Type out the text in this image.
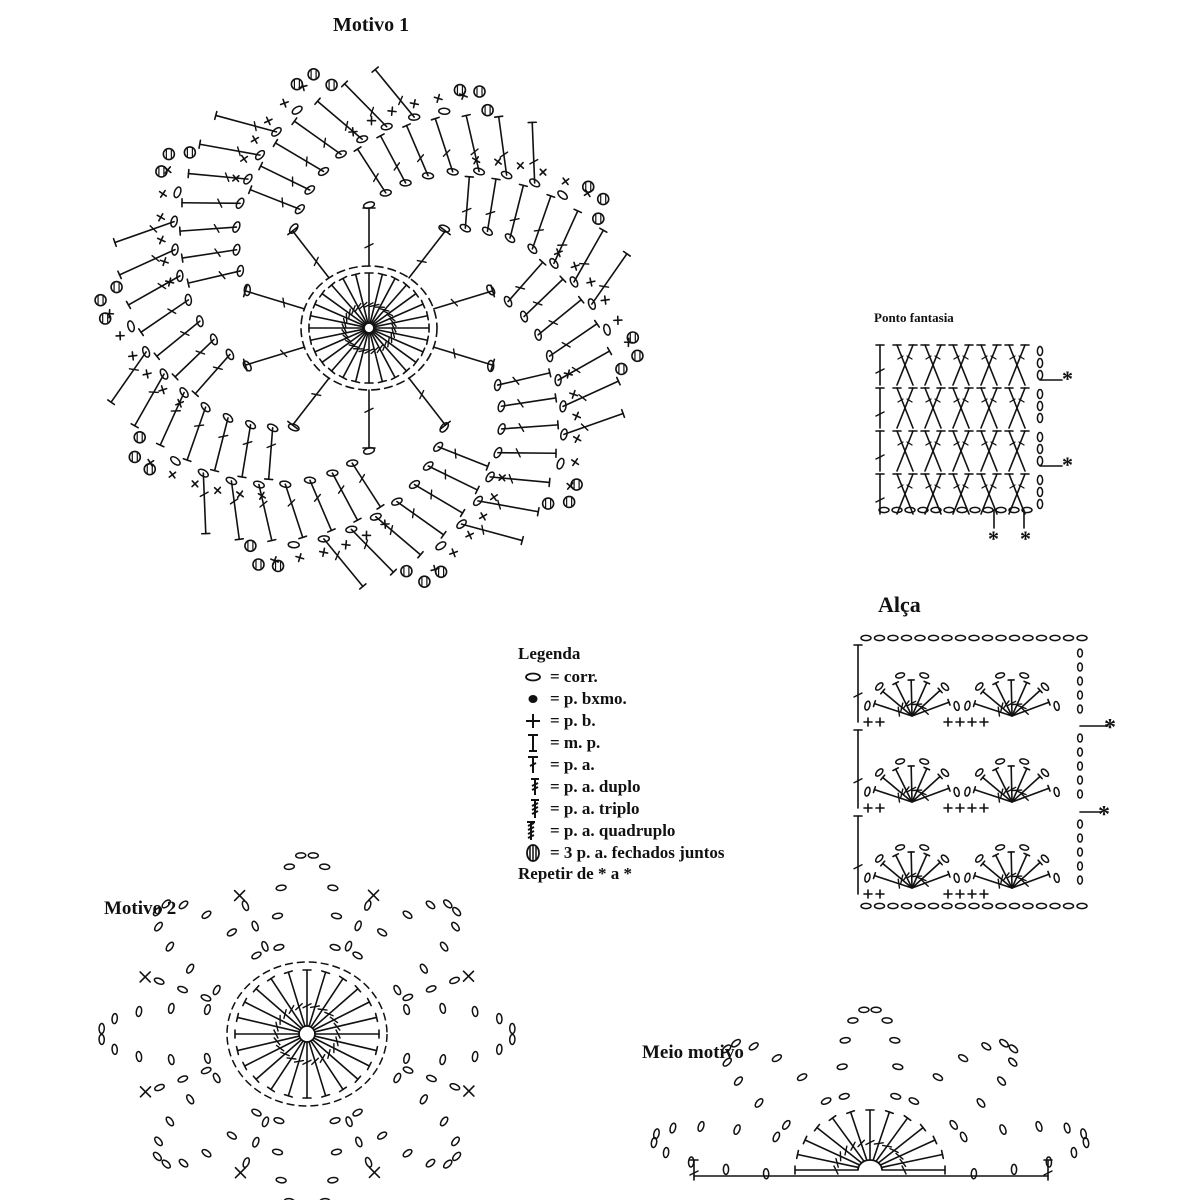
*
*
* *
*
*
Motivo 1
Ponto fantasia
Alça
Motivo 2
Meio motivo
Legenda
= corr.
= p. bxmo.
= p. b.
= m. p.
= p. a.
= p. a. duplo
= p. a. triplo
= p. a. quadruplo
= 3 p. a. fechados juntos
Repetir de * a *
